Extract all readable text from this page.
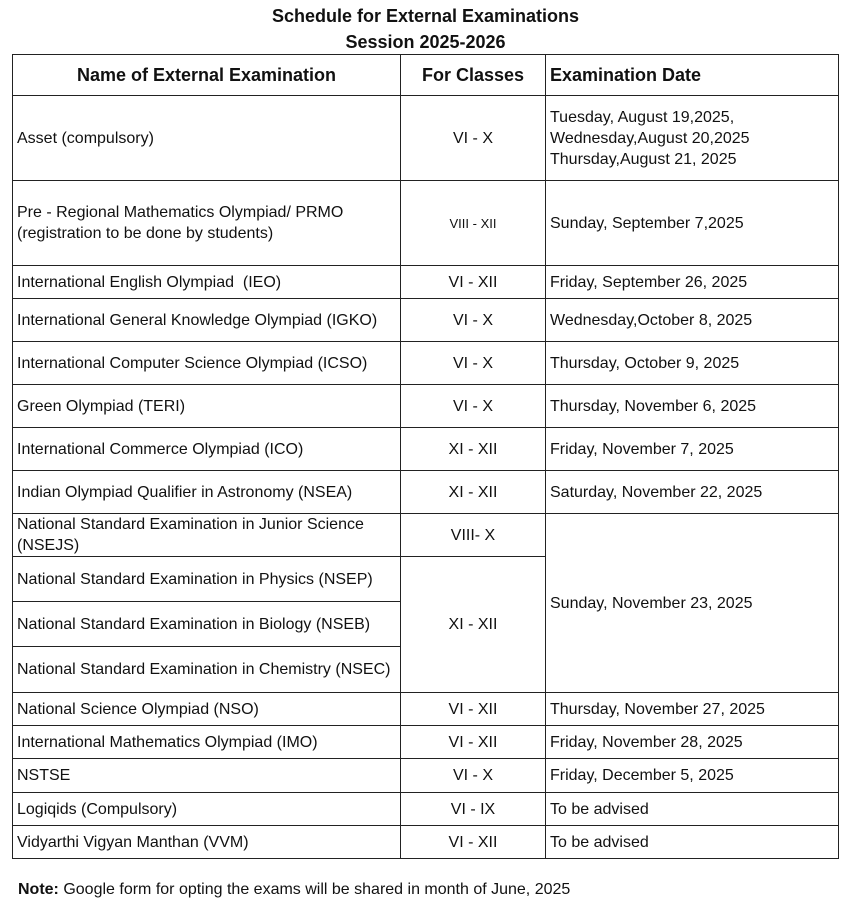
Schedule for External Examinations
Session 2025-2026
Name of External Examination	For Classes	Examination Date
Asset (compulsory)	VI - X	Tuesday, August 19,2025,
Wednesday,August 20,2025
Thursday,August 21, 2025

Pre - Regional Mathematics Olympiad/ PRMO
(registration to be done by students)	VIII - XII	Sunday, September 7,2025
International English Olympiad  (IEO)	VI - XII	Friday, September 26, 2025
International General Knowledge Olympiad (IGKO)	VI - X	Wednesday,October 8, 2025
International Computer Science Olympiad (ICSO)	VI - X	Thursday, October 9, 2025
Green Olympiad (TERI)	VI - X	Thursday, November 6, 2025
International Commerce Olympiad (ICO)	XI - XII	Friday, November 7, 2025
Indian Olympiad Qualifier in Astronomy (NSEA)	XI - XII	Saturday, November 22, 2025
National Standard Examination in Junior Science (NSEJS)	VIII- X	Sunday, November 23, 2025
National Standard Examination in Physics (NSEP)	XI - XII	
National Standard Examination in Biology (NSEB)		
National Standard Examination in Chemistry (NSEC)		
National Science Olympiad (NSO)	VI - XII	Thursday, November 27, 2025
International Mathematics Olympiad (IMO)	VI - XII	Friday, November 28, 2025
NSTSE	VI - X	Friday, December 5, 2025
Logiqids (Compulsory)	VI - IX	To be advised
Vidyarthi Vigyan Manthan (VVM)	VI - XII	To be advised
Note: Google form for opting the exams will be shared in month of June, 2025
